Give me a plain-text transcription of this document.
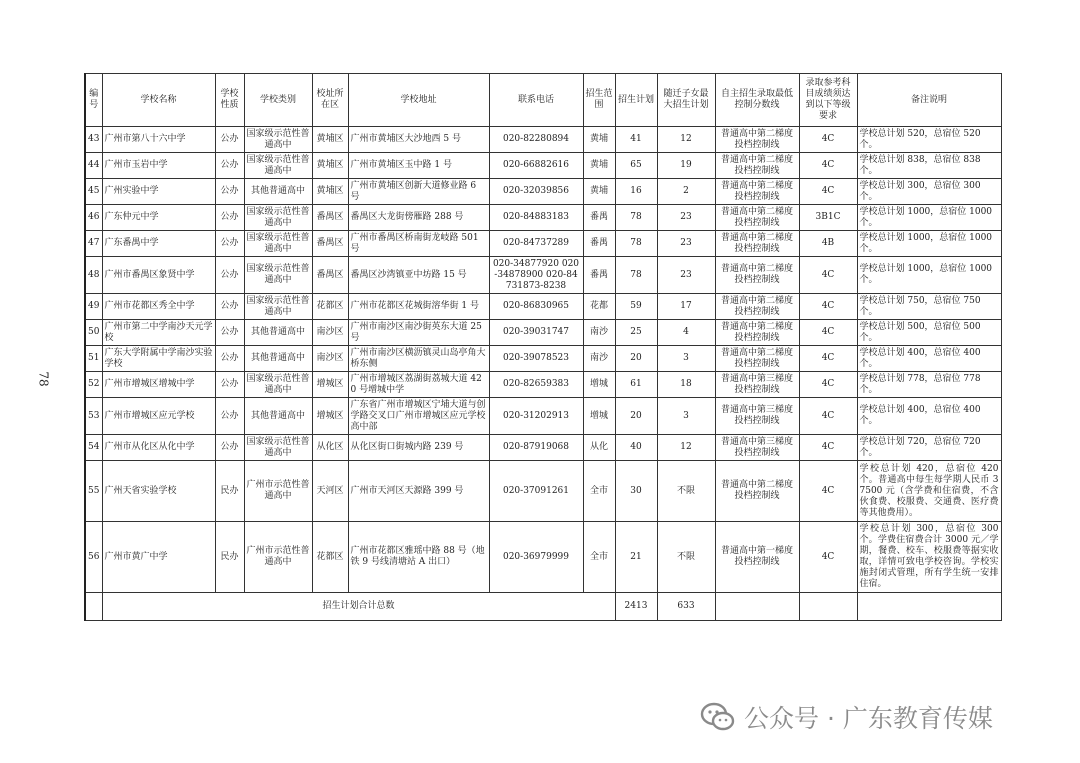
编号	学校名称	学校性质	学校类别	校址所在区	学校地址	联系电话	招生范围	招生计划	随迁子女最大招生计划	自主招生录取最低控制分数线	录取参考科目成绩须达到以下等级要求	备注说明
43	广州市第八十六中学	公办	国家级示范性普通高中	黄埔区	广州市黄埔区大沙地西 5 号	020-82280894	黄埔	41	12	普通高中第二梯度投档控制线	4C	学校总计划 520，总宿位 520 个。
44	广州市玉岩中学	公办	国家级示范性普通高中	黄埔区	广州市黄埔区玉中路 1 号	020-66882616	黄埔	65	19	普通高中第二梯度投档控制线	4C	学校总计划 838，总宿位 838 个。
45	广州实验中学	公办	其他普通高中	黄埔区	广州市黄埔区创新大道修业路 6 号	020-32039856	黄埔	16	2	普通高中第二梯度投档控制线	4C	学校总计划 300，总宿位 300 个。
46	广东仲元中学	公办	国家级示范性普通高中	番禺区	番禺区大龙街傍雁路 288 号	020-84883183	番禺	78	23	普通高中第二梯度投档控制线	3B1C	学校总计划 1000，总宿位 1000 个。
47	广东番禺中学	公办	国家级示范性普通高中	番禺区	广州市番禺区桥南街龙岐路 501 号	020-84737289	番禺	78	23	普通高中第二梯度投档控制线	4B	学校总计划 1000，总宿位 1000 个。
48	广州市番禺区象贤中学	公办	国家级示范性普通高中	番禺区	番禺区沙湾镇亚中坊路 15 号	020-34877920 020-34878900 020-84731873-8238	番禺	78	23	普通高中第二梯度投档控制线	4C	学校总计划 1000，总宿位 1000 个。
49	广州市花都区秀全中学	公办	国家级示范性普通高中	花都区	广州市花都区花城街溶华街 1 号	020-86830965	花都	59	17	普通高中第二梯度投档控制线	4C	学校总计划 750，总宿位 750 个。
50	广州市第二中学南沙天元学校	公办	其他普通高中	南沙区	广州市南沙区南沙街英东大道 25 号	020-39031747	南沙	25	4	普通高中第二梯度投档控制线	4C	学校总计划 500，总宿位 500 个。
51	广东大学附属中学南沙实验学校	公办	其他普通高中	南沙区	广州市南沙区横沥镇灵山岛亭角大桥东侧	020-39078523	南沙	20	3	普通高中第二梯度投档控制线	4C	学校总计划 400，总宿位 400 个。
52	广州市增城区增城中学	公办	国家级示范性普通高中	增城区	广州市增城区荔湖街荔城大道 420 号增城中学	020-82659383	增城	61	18	普通高中第三梯度投档控制线	4C	学校总计划 778，总宿位 778 个。
53	广州市增城区应元学校	公办	其他普通高中	增城区	广东省广州市增城区宁埔大道与创学路交叉口广州市增城区应元学校高中部	020-31202913	增城	20	3	普通高中第三梯度投档控制线	4C	学校总计划 400，总宿位 400 个。
54	广州市从化区从化中学	公办	国家级示范性普通高中	从化区	从化区街口街城内路 239 号	020-87919068	从化	40	12	普通高中第三梯度投档控制线	4C	学校总计划 720，总宿位 720 个。
55	广州天省实验学校	民办	广州市示范性普通高中	天河区	广州市天河区天源路 399 号	020-37091261	全市	30	不限	普通高中第二梯度投档控制线	4C	学校总计划 420，总宿位 420 个。普通高中每生每学期人民币 37500 元（含学费和住宿费，不含伙食费、校服费、交通费、医疗费等其他费用）。
56	广州市黄广中学	民办	广州市示范性普通高中	花都区	广州市花都区雅瑶中路 88 号（地铁 9 号线清塘站 A 出口）	020-36979999	全市	21	不限	普通高中第一梯度投档控制线	4C	学校总计划 300，总宿位 300 个。学费住宿费合计 3000 元／学期，餐费、校车、校服费等据实收取，详情可致电学校咨询。学校实施封闭式管理，所有学生统一安排住宿。
	招生计划合计总数							2413	633			
78
公众号 · 广东教育传媒
